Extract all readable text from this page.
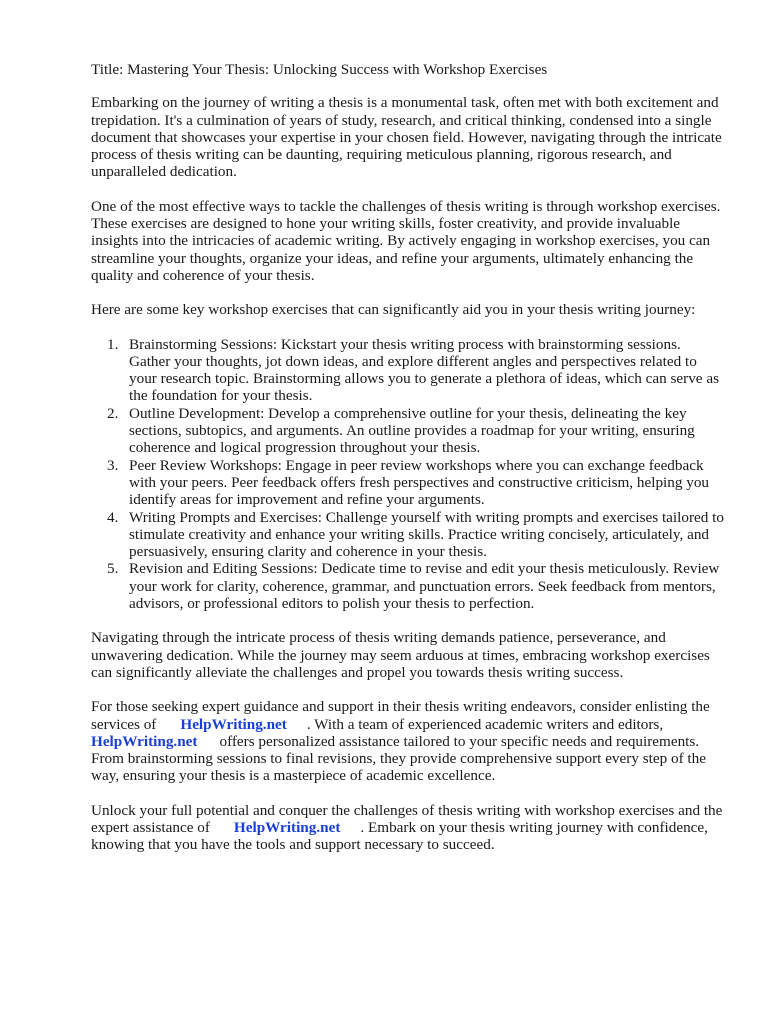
Title: Mastering Your Thesis: Unlocking Success with Workshop Exercises

Embarking on the journey of writing a thesis is a monumental task, often met with both excitement and trepidation. It's a culmination of years of study, research, and critical thinking, condensed into a single document that showcases your expertise in your chosen field. However, navigating through the intricate process of thesis writing can be daunting, requiring meticulous planning, rigorous research, and unparalleled dedication.

One of the most effective ways to tackle the challenges of thesis writing is through workshop exercises. These exercises are designed to hone your writing skills, foster creativity, and provide invaluable insights into the intricacies of academic writing. By actively engaging in workshop exercises, you can streamline your thoughts, organize your ideas, and refine your arguments, ultimately enhancing the quality and coherence of your thesis.

Here are some key workshop exercises that can significantly aid you in your thesis writing journey:

1. Brainstorming Sessions: Kickstart your thesis writing process with brainstorming sessions. Gather your thoughts, jot down ideas, and explore different angles and perspectives related to your research topic. Brainstorming allows you to generate a plethora of ideas, which can serve as the foundation for your thesis.
2. Outline Development: Develop a comprehensive outline for your thesis, delineating the key sections, subtopics, and arguments. An outline provides a roadmap for your writing, ensuring coherence and logical progression throughout your thesis.
3. Peer Review Workshops: Engage in peer review workshops where you can exchange feedback with your peers. Peer feedback offers fresh perspectives and constructive criticism, helping you identify areas for improvement and refine your arguments.
4. Writing Prompts and Exercises: Challenge yourself with writing prompts and exercises tailored to stimulate creativity and enhance your writing skills. Practice writing concisely, articulately, and persuasively, ensuring clarity and coherence in your thesis.
5. Revision and Editing Sessions: Dedicate time to revise and edit your thesis meticulously. Review your work for clarity, coherence, grammar, and punctuation errors. Seek feedback from mentors, advisors, or professional editors to polish your thesis to perfection.

Navigating through the intricate process of thesis writing demands patience, perseverance, and unwavering dedication. While the journey may seem arduous at times, embracing workshop exercises can significantly alleviate the challenges and propel you towards thesis writing success.

For those seeking expert guidance and support in their thesis writing endeavors, consider enlisting the services of HelpWriting.net . With a team of experienced academic writers and editors, HelpWriting.net offers personalized assistance tailored to your specific needs and requirements. From brainstorming sessions to final revisions, they provide comprehensive support every step of the way, ensuring your thesis is a masterpiece of academic excellence.

Unlock your full potential and conquer the challenges of thesis writing with workshop exercises and the expert assistance of HelpWriting.net . Embark on your thesis writing journey with confidence, knowing that you have the tools and support necessary to succeed.
